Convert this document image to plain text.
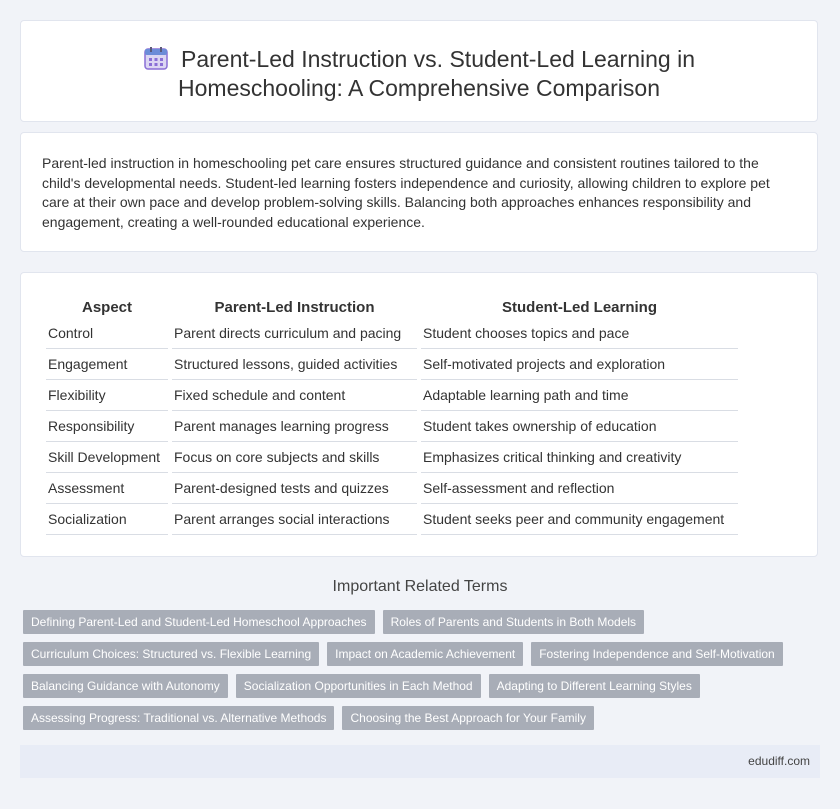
Parent-Led Instruction vs. Student-Led Learning in
Homeschooling: A Comprehensive Comparison
Parent-led instruction in homeschooling pet care ensures structured guidance and consistent routines tailored to the child's developmental needs. Student-led learning fosters independence and curiosity, allowing children to explore pet care at their own pace and develop problem-solving skills. Balancing both approaches enhances responsibility and engagement, creating a well-rounded educational experience.
Aspect	Parent-Led Instruction	Student-Led Learning
Control	Parent directs curriculum and pacing	Student chooses topics and pace
Engagement	Structured lessons, guided activities	Self-motivated projects and exploration
Flexibility	Fixed schedule and content	Adaptable learning path and time
Responsibility	Parent manages learning progress	Student takes ownership of education
Skill Development	Focus on core subjects and skills	Emphasizes critical thinking and creativity
Assessment	Parent-designed tests and quizzes	Self-assessment and reflection
Socialization	Parent arranges social interactions	Student seeks peer and community engagement
Important Related Terms
Defining Parent-Led and Student-Led Homeschool Approaches Roles of Parents and Students in Both Models
Curriculum Choices: Structured vs. Flexible Learning Impact on Academic Achievement Fostering Independence and Self-Motivation
Balancing Guidance with Autonomy Socialization Opportunities in Each Method Adapting to Different Learning Styles
Assessing Progress: Traditional vs. Alternative Methods Choosing the Best Approach for Your Family
edudiff.com
